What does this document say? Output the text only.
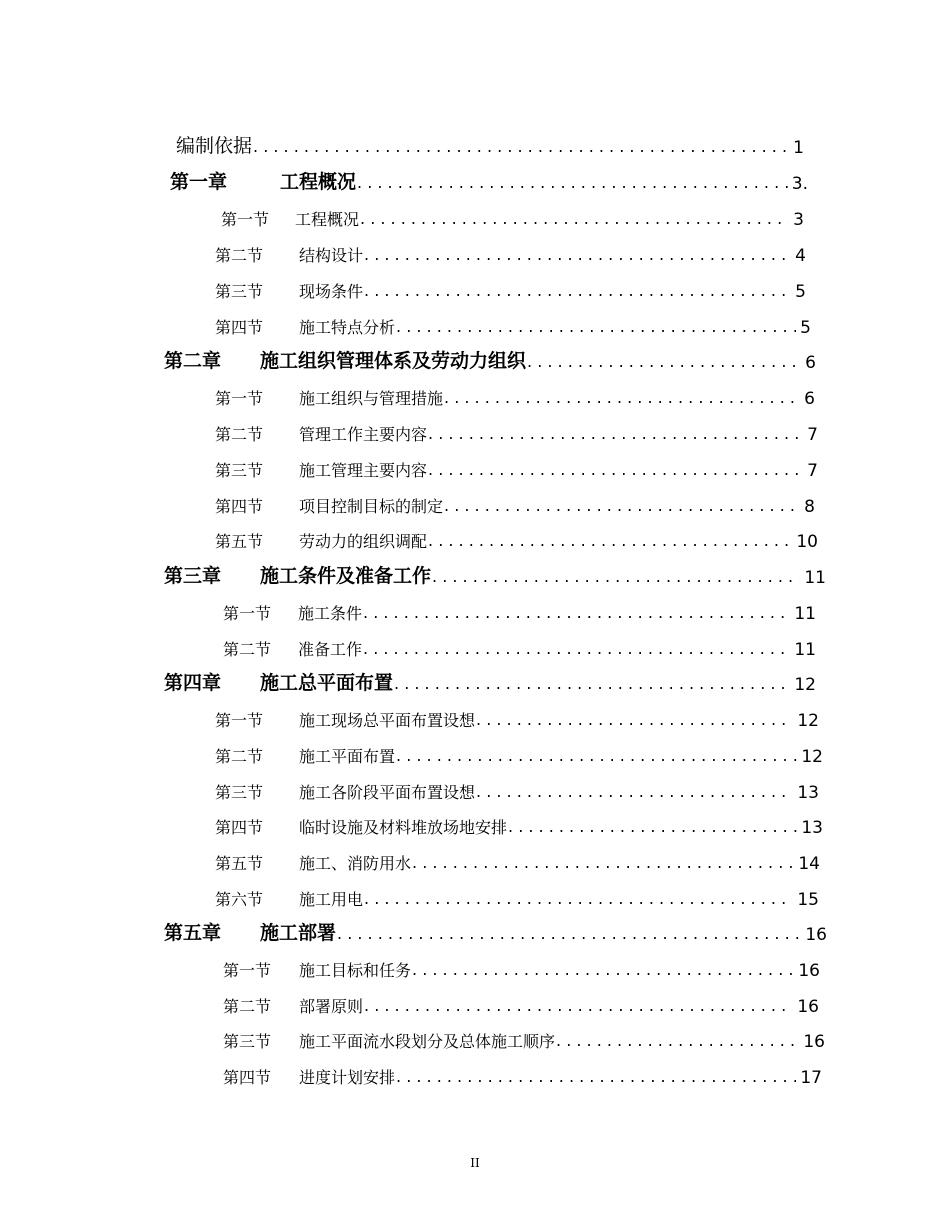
编制依据 . . .	1
第一章	工程概况 . . .	3.
第一节	工程概况 . . .	3
第二节	结构设计 . . .	4
第三节	现场条件 . . .	5
第四节	施工特点分析 . . .	5
第二章	施工组织管理体系及劳动力组织 . . .	6
第一节	施工组织与管理措施 . . .	6
第二节	管理工作主要内容 . . .	7
第三节	施工管理主要内容 . . .	7
第四节	项目控制目标的制定 . . .	8
第五节	劳动力的组织调配 . . .	10
第三章	施工条件及准备工作 . . .	11
第一节	施工条件 . . .	11
第二节	准备工作 . . .	11
第四章	施工总平面布置 . . .	12
第一节	施工现场总平面布置设想 . . .	12
第二节	施工平面布置 . . .	12
第三节	施工各阶段平面布置设想 . . .	13
第四节	临时设施及材料堆放场地安排 . . .	13
第五节	施工、消防用水 . . .	14
第六节	施工用电 . . .	15
第五章	施工部署 . . .	16
第一节	施工目标和任务 . . .	16
第二节	部署原则 . . .	16
第三节	施工平面流水段划分及总体施工顺序 . . .	16
第四节	进度计划安排 . . .	17
II
